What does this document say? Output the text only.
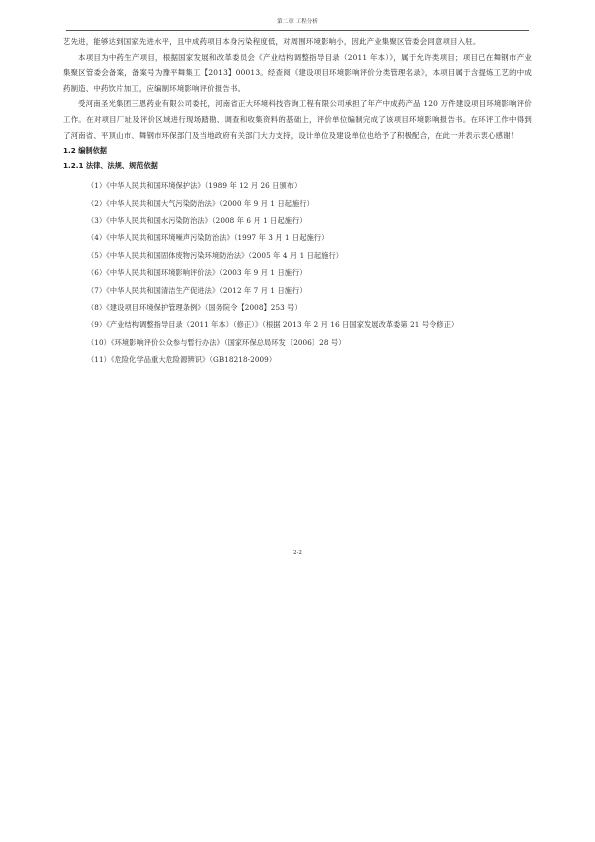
第二章 工程分析

艺先进，能够达到国家先进水平，且中成药项目本身污染程度低，对周围环境影响小，因此产业集聚区管委会同意项目入驻。

本项目为中药生产项目，根据国家发展和改革委员会《产业结构调整指导目录（2011 年本）》，属于允许类项目；项目已在舞钢市产业集聚区管委会备案，备案号为豫平舞集工【2013】00013。经查阅《建设项目环境影响评价分类管理名录》，本项目属于含提炼工艺的中成药制造、中药饮片加工，应编制环境影响评价报告书。

受河南圣光集团三恩药业有限公司委托，河南省正大环境科技咨询工程有限公司承担了年产中成药产品 120 万件建设项目环境影响评价工作。在对项目厂址及评价区域进行现场踏勘、调查和收集资料的基础上，评价单位编制完成了该项目环境影响报告书。在环评工作中得到了河南省、平顶山市、舞钢市环保部门及当地政府有关部门大力支持，设计单位及建设单位也给予了积极配合，在此一并表示衷心感谢！

1.2 编制依据

1.2.1 法律、法规、规范依据

（1）《中华人民共和国环境保护法》（1989 年 12 月 26 日颁布）
（2）《中华人民共和国大气污染防治法》（2000 年 9 月 1 日起施行）
（3）《中华人民共和国水污染防治法》（2008 年 6 月 1 日起施行）
（4）《中华人民共和国环境噪声污染防治法》（1997 年 3 月 1 日起施行）
（5）《中华人民共和国固体废物污染环境防治法》（2005 年 4 月 1 日起施行）
（6）《中华人民共和国环境影响评价法》（2003 年 9 月 1 日施行）
（7）《中华人民共和国清洁生产促进法》（2012 年 7 月 1 日施行）
（8）《建设项目环境保护管理条例》（国务院令【2008】253 号）
（9）《产业结构调整指导目录（2011 年本）（修正）》（根据 2013 年 2 月 16 日国家发展改革委第 21 号令修正）
（10）《环境影响评价公众参与暂行办法》（国家环保总局环发〔2006〕28 号）
（11）《危险化学品重大危险源辨识》（GB18218-2009）
2-2
